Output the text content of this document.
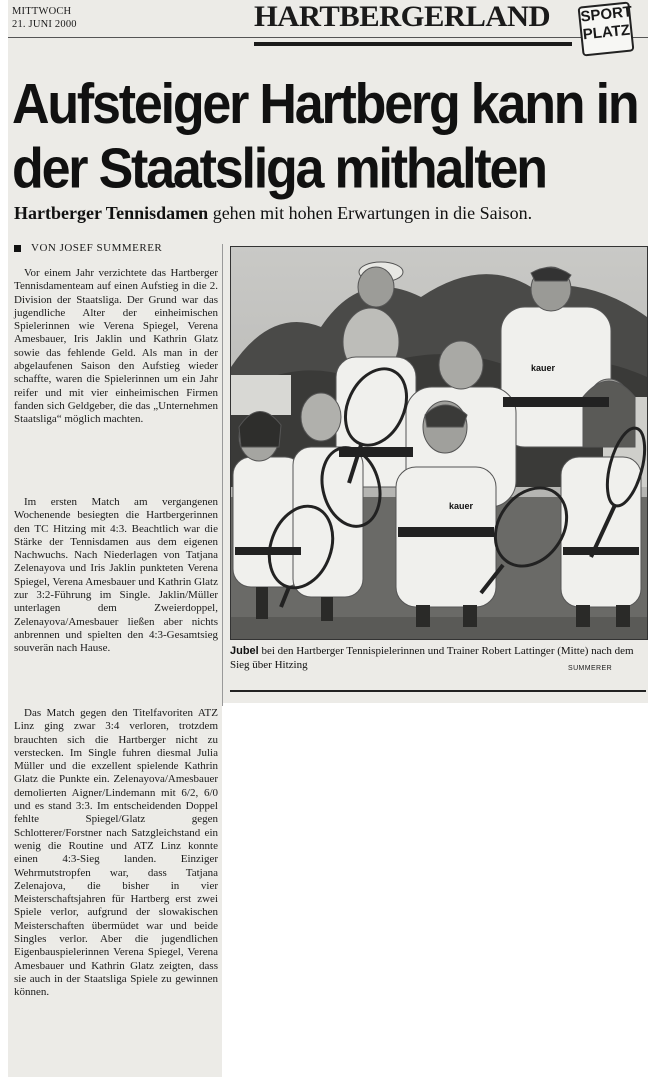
MITTWOCH
21. JUNI 2000	HARTBERGERLAND SPORT
PLATZ
Aufsteiger Hartberg kann in der Staatsliga mithalten
Hartberger Tennisdamen gehen mit hohen Erwartungen in die Saison.
VON JOSEF SUMMERER

Vor einem Jahr verzichtete das Hartberger Tennisdamenteam auf einen Aufstieg in die 2. Division der Staatsliga. Der Grund war das jugendliche Alter der einheimischen Spielerinnen wie Verena Spiegel, Verena Amesbauer, Iris Jaklin und Kathrin Glatz sowie das fehlende Geld. Als man in der abgelaufenen Saison den Aufstieg wieder schaffte, waren die Spielerinnen um ein Jahr reifer und mit vier einheimischen Firmen fanden sich Geldgeber, die das „Unternehmen Staatsliga“ möglich machten.

Im ersten Match am vergangenen Wochenende besiegten die Hartbergerinnen den TC Hitzing mit 4:3. Beachtlich war die Stärke der Tennisdamen aus dem eigenen Nachwuchs. Nach Niederlagen von Tatjana Zelenayova und Iris Jaklin punkteten Verena Spiegel, Verena Amesbauer und Kathrin Glatz zur 3:2-Führung im Single. Jaklin/Müller unterlagen dem Zweierdoppel, Zelenayova/Amesbauer ließen aber nichts anbrennen und spielten den 4:3-Gesamtsieg souverän nach Hause.

Das Match gegen den Titelfavoriten ATZ Linz ging zwar 3:4 verloren, trotzdem brauchten sich die Hartberger nicht zu verstecken. Im Single fuhren diesmal Julia Müller und die exzellent spielende Kathrin Glatz die Punkte ein. Zelenayova/Amesbauer demolierten Aigner/Lindemann mit 6/2, 6/0 und es stand 3:3. Im entscheidenden Doppel fehlte Spiegel/Glatz gegen Schlotterer/Forstner nach Satzgleichstand ein wenig die Routine und ATZ Linz konnte einen 4:3-Sieg landen. Einziger Wehrmutstropfen war, dass Tatjana Zelenajova, die bisher in vier Meisterschaftsjahren für Hartberg erst zwei Spiele verlor, aufgrund der slowakischen Meisterschaften übermüdet war und beide Singles verlor. Aber die jugendlichen Eigenbauspielerinnen Verena Spiegel, Verena Amesbauer und Kathrin Glatz zeigten, dass sie auch in der Staatsliga Spiele zu gewinnen können.

kauer
kauer
Jubel bei den Hartberger Tennispielerinnen und Trainer Robert Lattinger (Mitte) nach dem Sieg über Hitzing	SUMMERER
